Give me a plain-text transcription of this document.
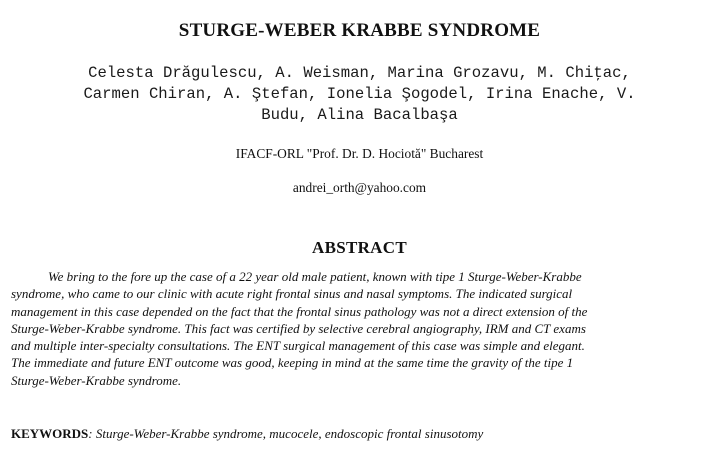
STURGE-WEBER KRABBE SYNDROME
Celesta Drăgulescu, A. Weisman, Marina Grozavu, M. Chiţac,
Carmen Chiran, A. Ştefan, Ionelia Şogodel, Irina Enache, V.
Budu, Alina Bacalbaşa
IFACF-ORL "Prof. Dr. D. Hociotă" Bucharest
andrei_orth@yahoo.com
ABSTRACT
We bring to the fore up the case of a 22 year old male patient, known with tipe 1 Sturge-Weber-Krabbe
syndrome, who came to our clinic with acute right frontal sinus and nasal symptoms. The indicated surgical
management in this case depended on the fact that the frontal sinus pathology was not a direct extension of the
Sturge-Weber-Krabbe syndrome. This fact was certified by selective cerebral angiography, IRM and CT exams
and multiple inter-specialty consultations. The ENT surgical management of this case was simple and elegant.
The immediate and future ENT outcome was good, keeping in mind at the same time the gravity of the tipe 1
Sturge-Weber-Krabbe syndrome.
KEYWORDS: Sturge-Weber-Krabbe syndrome, mucocele, endoscopic frontal sinusotomy
